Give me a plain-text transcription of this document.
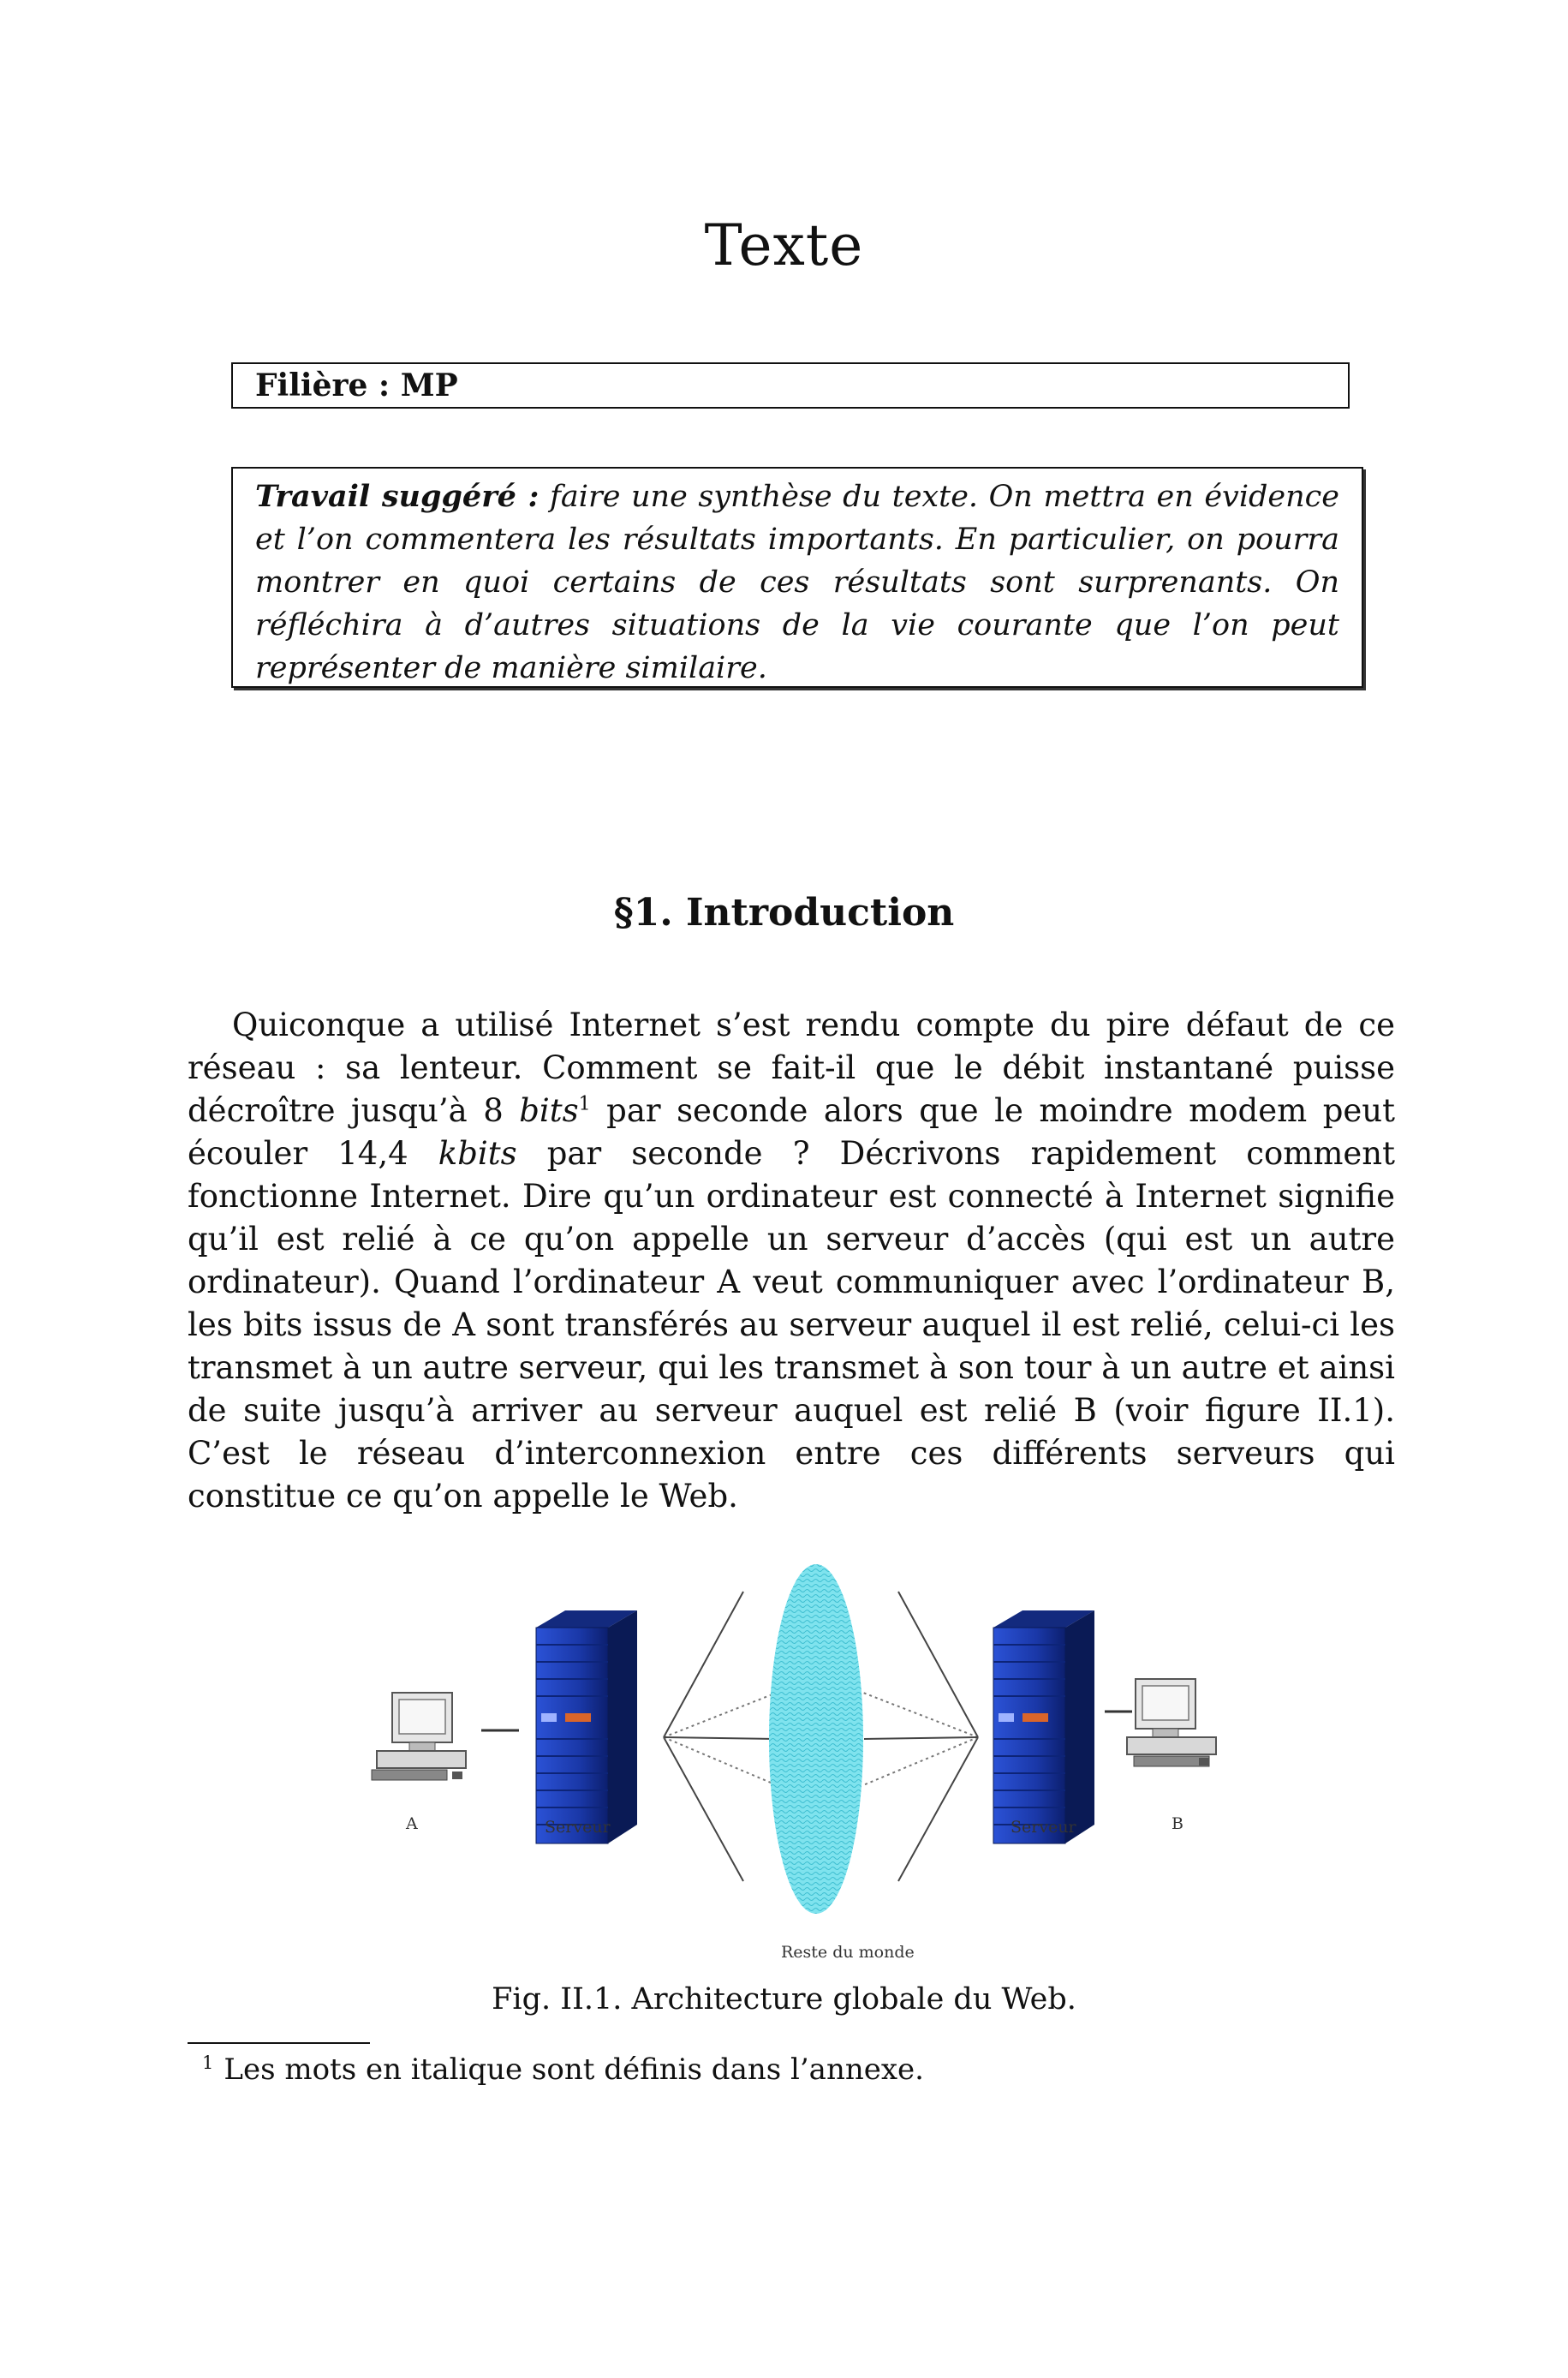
Texte
Filière : MP
Travail suggéré : faire une synthèse du texte. On mettra en évidence et l’on commentera les résultats importants. En particulier, on pourra montrer en quoi certains de ces résultats sont surprenants. On réfléchira à d’autres situations de la vie courante que l’on peut représenter de manière similaire.
§1. Introduction
Quiconque a utilisé Internet s’est rendu compte du pire défaut de ce réseau : sa lenteur. Comment se fait-il que le débit instantané puisse décroître jusqu’à 8 bits$^1$ par seconde alors que le moindre modem peut écouler 14,4 kbits par seconde ? Décrivons rapidement comment fonctionne Internet. Dire qu’un ordinateur est connecté à Internet signifie qu’il est relié à ce qu’on appelle un serveur d’accès (qui est un autre ordinateur). Quand l’ordinateur A veut communiquer avec l’ordinateur B, les bits issus de A sont transférés au serveur auquel il est relié, celui-ci les transmet à un autre serveur, qui les transmet à son tour à un autre et ainsi de suite jusqu’à arriver au serveur auquel est relié B (voir figure II.1). C’est le réseau d’interconnexion entre ces différents serveurs qui constitue ce qu’on appelle le Web.
A	Serveur	Serveur	B
Reste du monde
Fig. II.1. Architecture globale du Web.
$^1$ Les mots en italique sont définis dans l’annexe.
